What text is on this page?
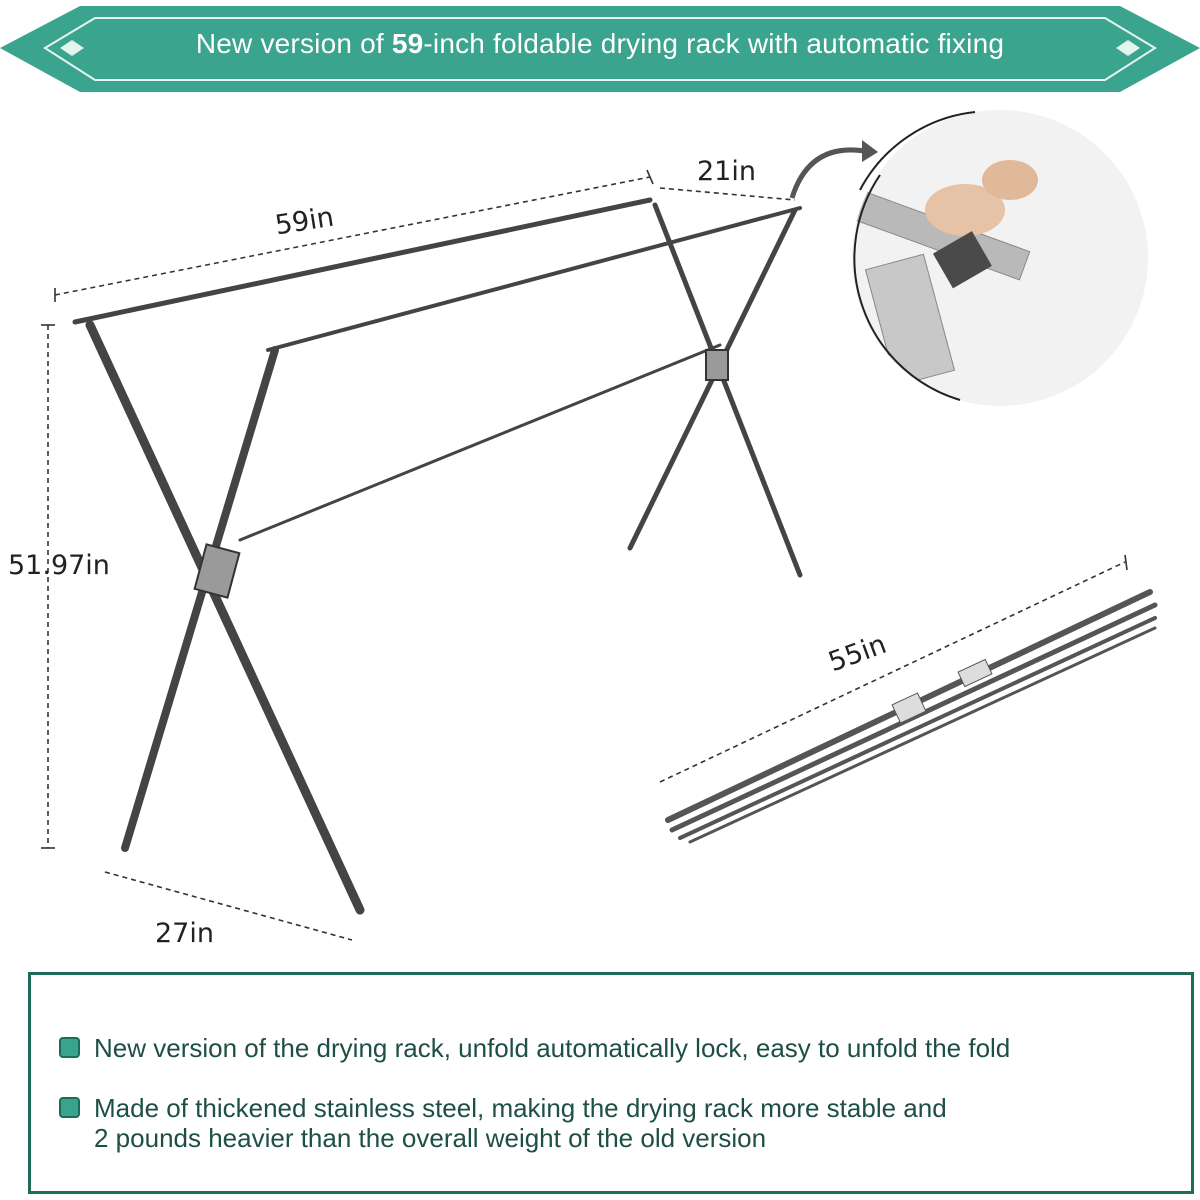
New version of 59-inch foldable drying rack with automatic fixing
59in
21in
51.97in
27in
55in
New version of the drying rack, unfold automatically lock, easy to unfold the fold
Made of thickened stainless steel, making the drying rack more stable and
2 pounds heavier than the overall weight of the old version
